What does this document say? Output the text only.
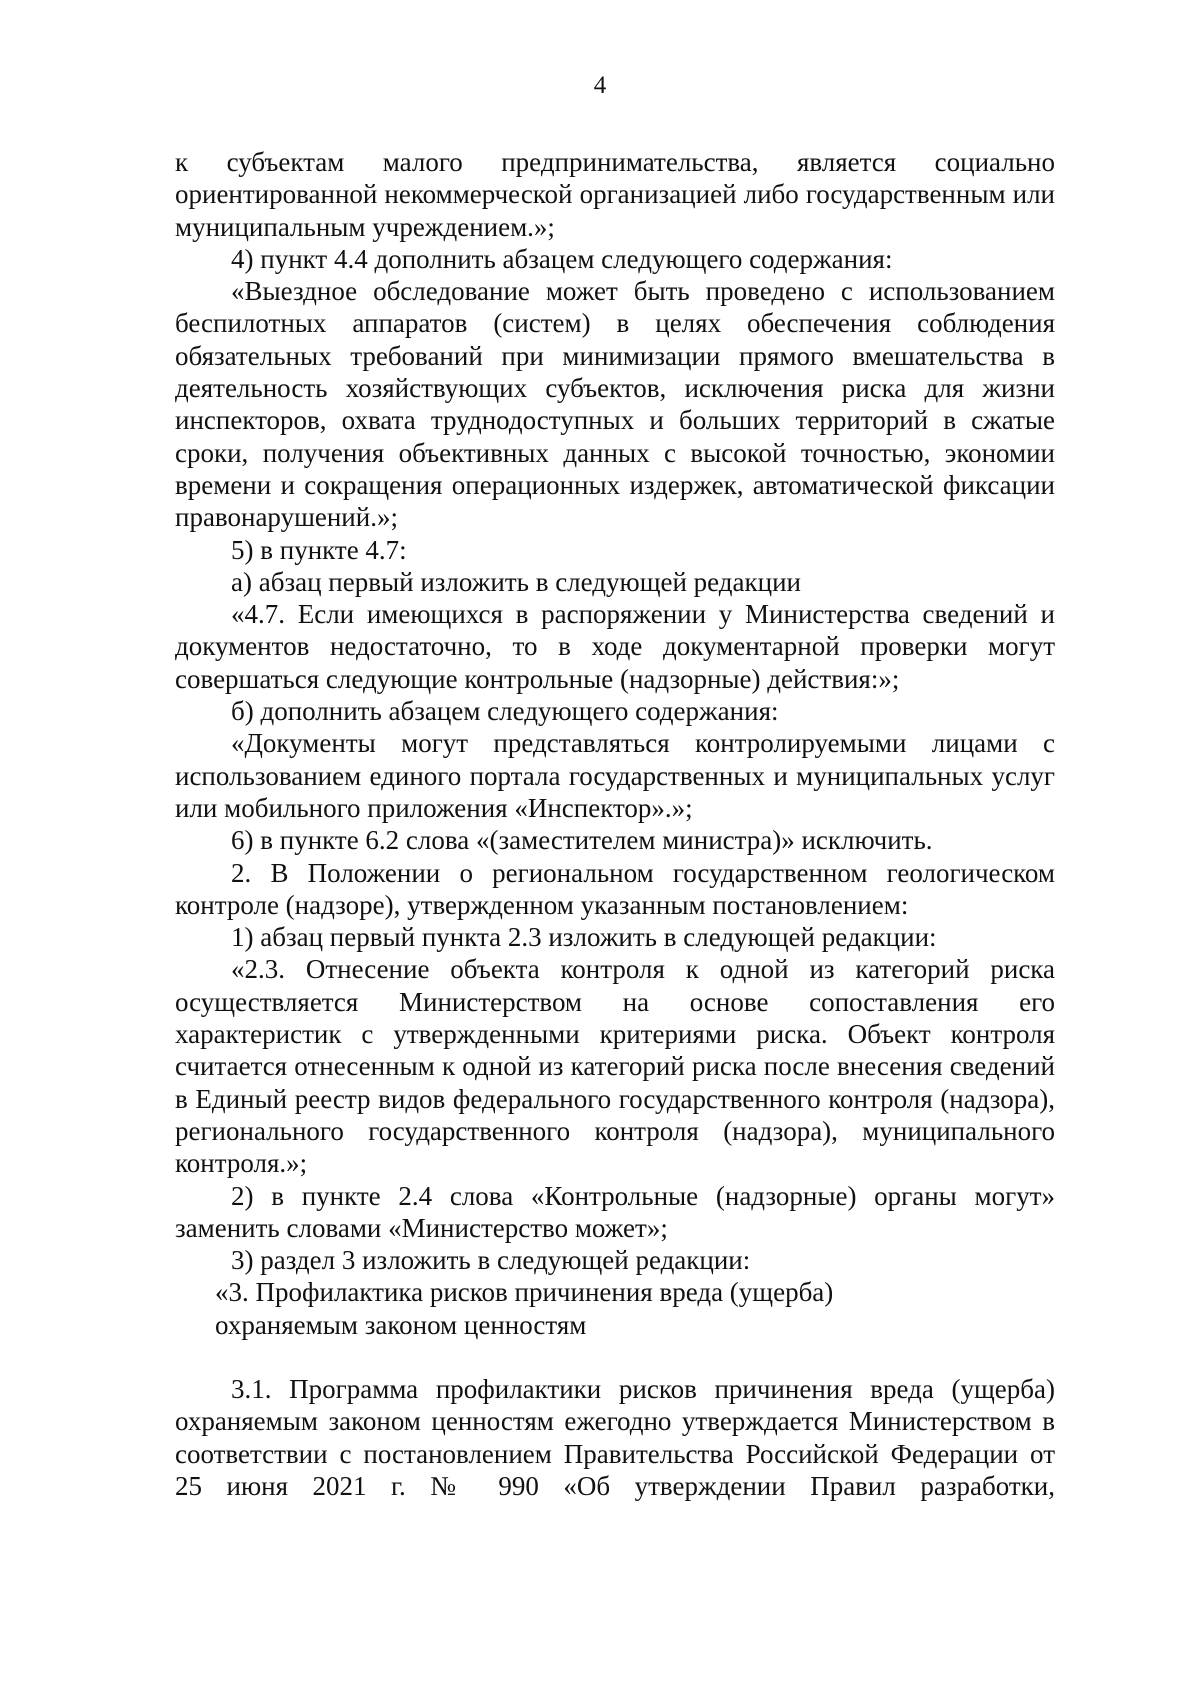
4

к субъектам малого предпринимательства, является социально ориентированной некоммерческой организацией либо государственным или муниципальным учреждением.»;

4) пункт 4.4 дополнить абзацем следующего содержания:

«Выездное обследование может быть проведено с использованием беспилотных аппаратов (систем) в целях обеспечения соблюдения обязательных требований при минимизации прямого вмешательства в деятельность хозяйствующих субъектов, исключения риска для жизни инспекторов, охвата труднодоступных и больших территорий в сжатые сроки, получения объективных данных с высокой точностью, экономии времени и сокращения операционных издержек, автоматической фиксации правонарушений.»;

5) в пункте 4.7:

а) абзац первый изложить в следующей редакции

«4.7. Если имеющихся в распоряжении у Министерства сведений и документов недостаточно, то в ходе документарной проверки могут совершаться следующие контрольные (надзорные) действия:»;

б) дополнить абзацем следующего содержания:

«Документы могут представляться контролируемыми лицами с использованием единого портала государственных и муниципальных услуг или мобильного приложения «Инспектор».»;

6) в пункте 6.2 слова «(заместителем министра)» исключить.

2. В Положении о региональном государственном геологическом контроле (надзоре), утвержденном указанным постановлением:

1) абзац первый пункта 2.3 изложить в следующей редакции:

«2.3. Отнесение объекта контроля к одной из категорий риска осуществляется Министерством на основе сопоставления его характеристик с утвержденными критериями риска. Объект контроля считается отнесенным к одной из категорий риска после внесения сведений в Единый реестр видов федерального государственного контроля (надзора), регионального государственного контроля (надзора), муниципального контроля.»;

2) в пункте 2.4 слова «Контрольные (надзорные) органы могут» заменить словами «Министерство может»;

3) раздел 3 изложить в следующей редакции:

«3. Профилактика рисков причинения вреда (ущерба)

охраняемым законом ценностям

3.1. Программа профилактики рисков причинения вреда (ущерба) охраняемым законом ценностям ежегодно утверждается Министерством в соответствии с постановлением Правительства Российской Федерации от 25 июня 2021 г. № 990 «Об утверждении Правил разработки,
